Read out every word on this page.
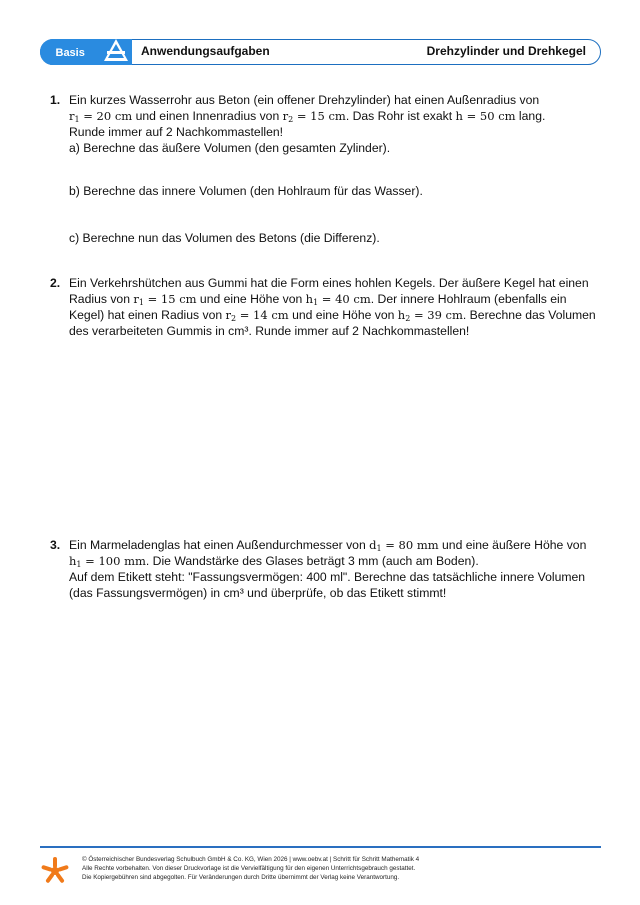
Basis	Anwendungsaufgaben	Drehzylinder und Drehkegel
1. Ein kurzes Wasserrohr aus Beton (ein offener Drehzylinder) hat einen Außenradius von
$r_1 = 20$ cm und einen Innenradius von $r_2 = 15$ cm. Das Rohr ist exakt h = 50 cm lang.
Runde immer auf 2 Nachkommastellen!
a) Berechne das äußere Volumen (den gesamten Zylinder).
b) Berechne das innere Volumen (den Hohlraum für das Wasser).
c) Berechne nun das Volumen des Betons (die Differenz).
2. Ein Verkehrshütchen aus Gummi hat die Form eines hohlen Kegels. Der äußere Kegel hat einen
Radius von $r_1 = 15$ cm und eine Höhe von $h_1 = 40$ cm. Der innere Hohlraum (ebenfalls ein
Kegel) hat einen Radius von $r_2 = 14$ cm und eine Höhe von $h_2 = 39$ cm. Berechne das Volumen
des verarbeiteten Gummis in cm³. Runde immer auf 2 Nachkommastellen!
3. Ein Marmeladenglas hat einen Außendurchmesser von $d_1 = 80$ mm und eine äußere Höhe von
$h_1 = 100$ mm. Die Wandstärke des Glases beträgt 3 mm (auch am Boden).
Auf dem Etikett steht: "Fassungsvermögen: 400 ml". Berechne das tatsächliche innere Volumen
(das Fassungsvermögen) in cm³ und überprüfe, ob das Etikett stimmt!
© Österreichischer Bundesverlag Schulbuch GmbH & Co. KG, Wien 2026 | www.oebv.at | Schritt für Schritt Mathematik 4
Alle Rechte vorbehalten. Von dieser Druckvorlage ist die Vervielfältigung für den eigenen Unterrichtsgebrauch gestattet.
Die Kopiergebühren sind abgegolten. Für Veränderungen durch Dritte übernimmt der Verlag keine Verantwortung.
